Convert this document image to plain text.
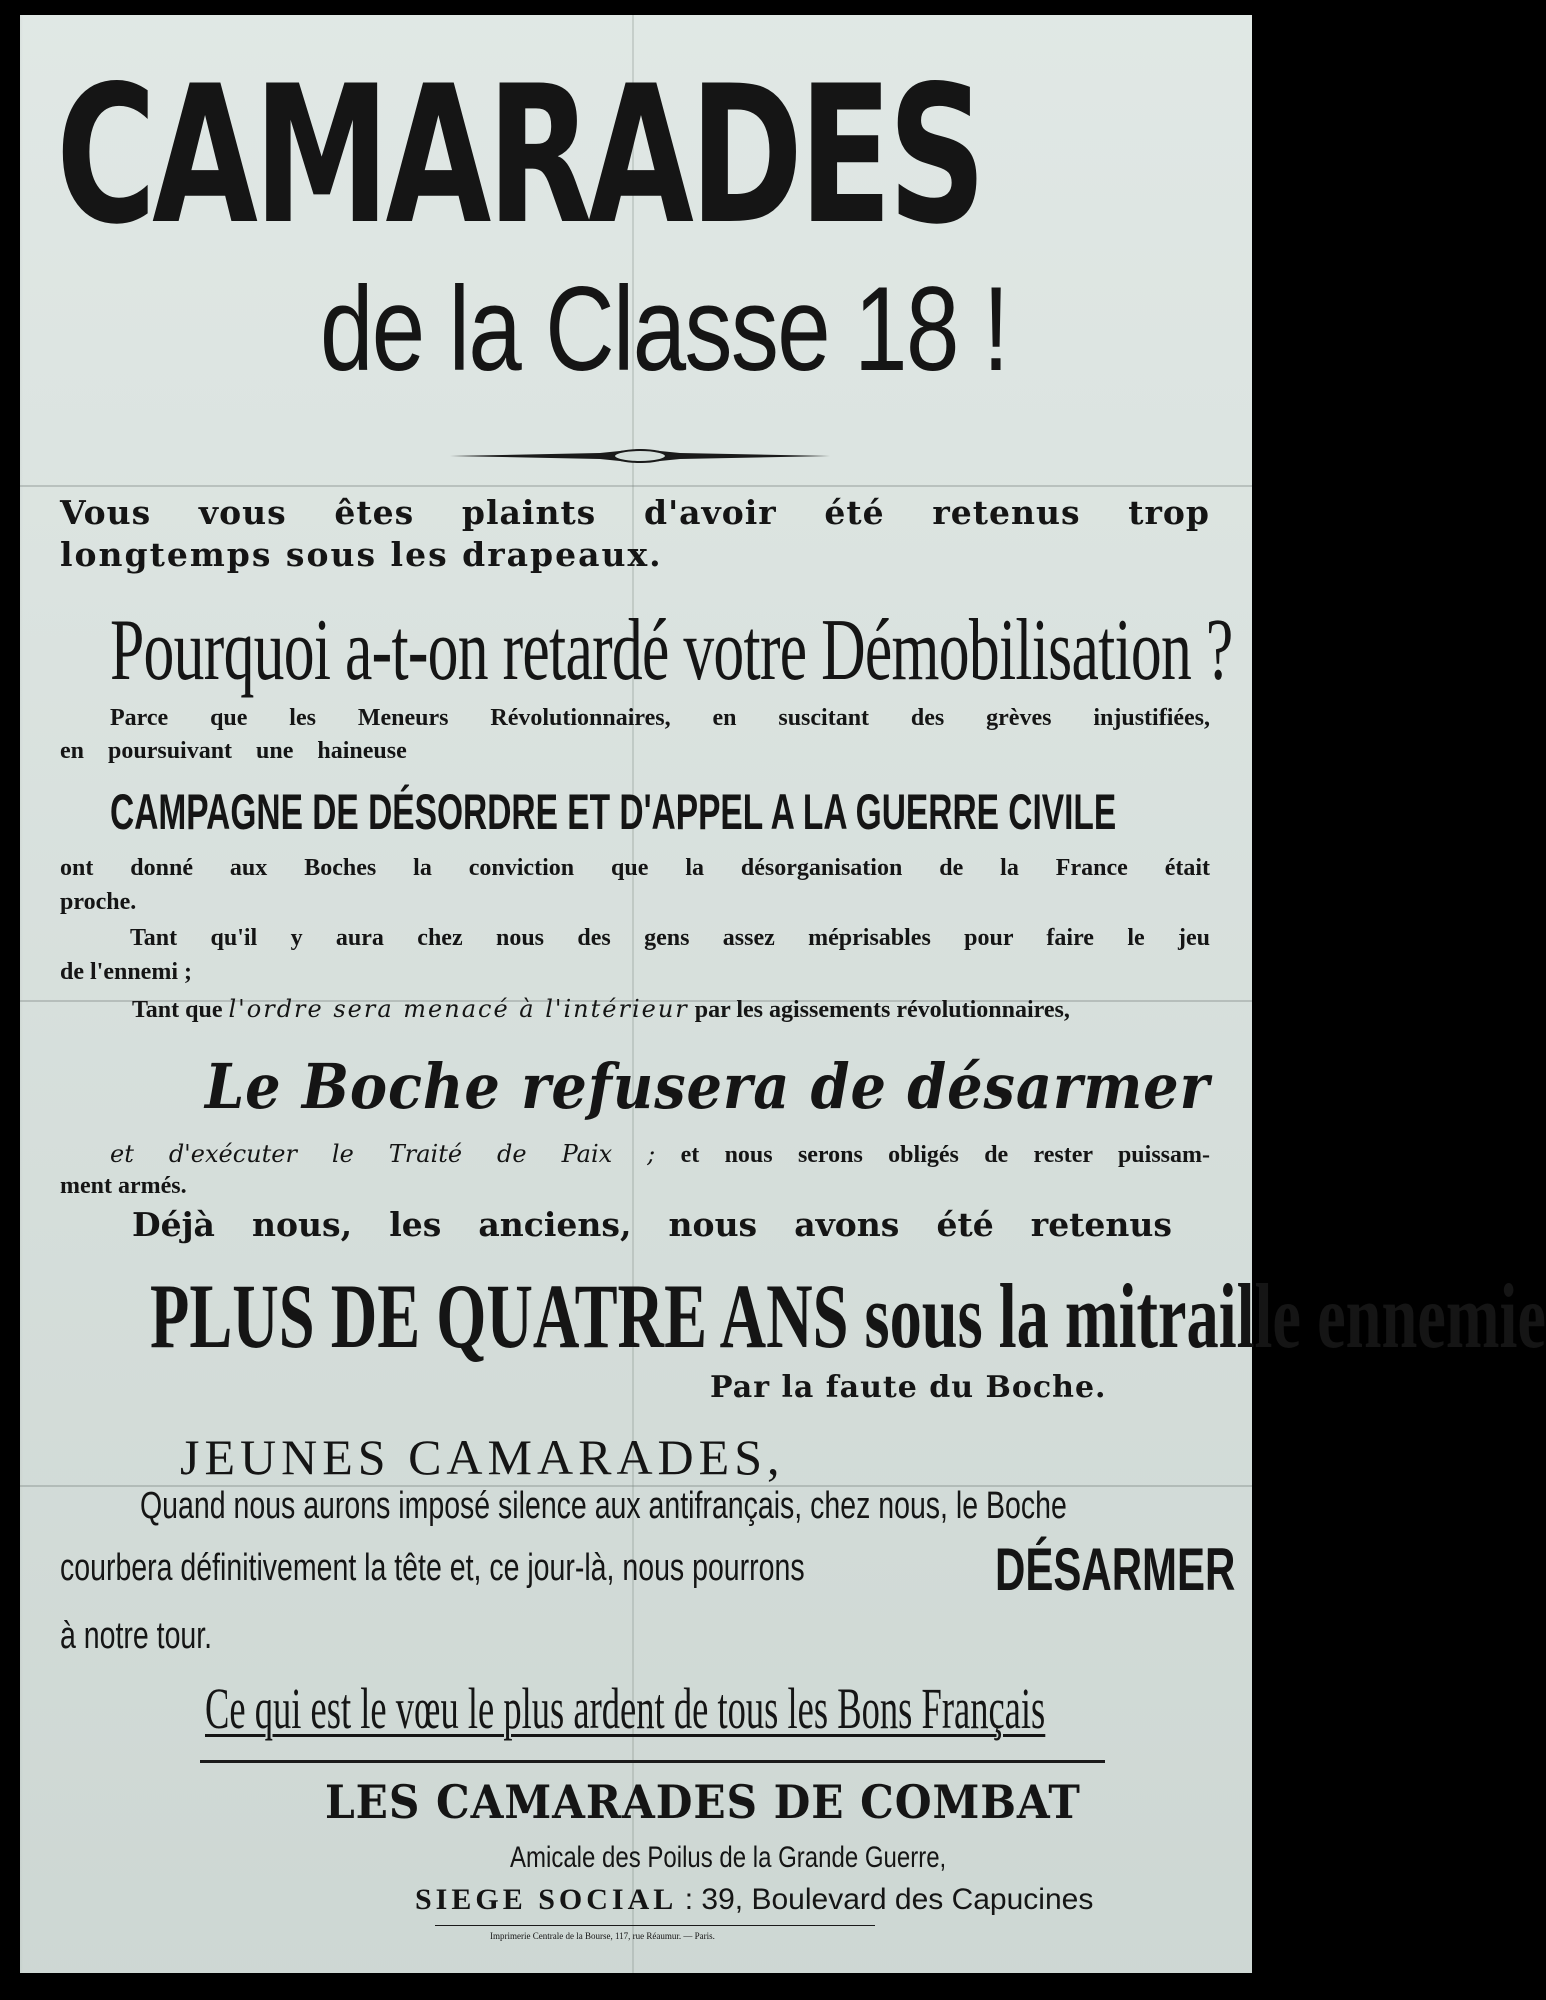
CAMARADES
de la Classe 18 !
Vous vous êtes plaints d'avoir été retenus trop
longtemps sous les drapeaux.
Pourquoi a-t-on retardé votre Démobilisation ?
Parce que les Meneurs Révolutionnaires, en suscitant des grèves injustifiées,
en poursuivant une haineuse
CAMPAGNE DE DÉSORDRE ET D'APPEL A LA GUERRE CIVILE
ont donné aux Boches la conviction que la désorganisation de la France était
proche.
Tant qu'il y aura chez nous des gens assez méprisables pour faire le jeu
de l'ennemi ;
Tant que l'ordre sera menacé à l'intérieur par les agissements révolutionnaires,
Le Boche refusera de désarmer
et d'exécuter le Traité de Paix ; et nous serons obligés de rester puissam-
ment armés.
Déjà nous, les anciens, nous avons été retenus
PLUS DE QUATRE ANS sous la mitraille ennemie
Par la faute du Boche.
JEUNES CAMARADES,
Quand nous aurons imposé silence aux antifrançais, chez nous, le Boche
courbera définitivement la tête et, ce jour-là, nous pourrons	DÉSARMER
à notre tour.
Ce qui est le vœu le plus ardent de tous les Bons Français
LES CAMARADES DE COMBAT
Amicale des Poilus de la Grande Guerre,
SIEGE SOCIAL : 39, Boulevard des Capucines
Imprimerie Centrale de la Bourse, 117, rue Réaumur. — Paris.
